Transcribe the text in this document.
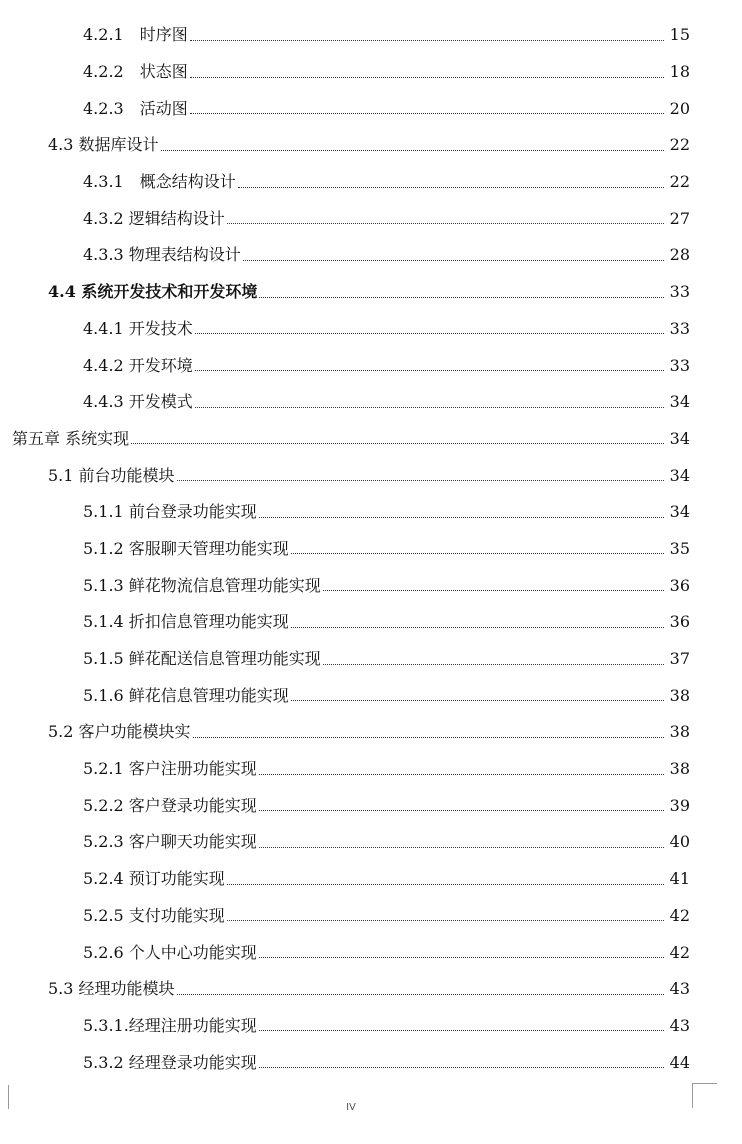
4.2.1　时序图	15
4.2.2　状态图	18
4.2.3　活动图	20
4.3 数据库设计	22
4.3.1　概念结构设计	22
4.3.2 逻辑结构设计	27
4.3.3 物理表结构设计	28
4.4 系统开发技术和开发环境	33
4.4.1 开发技术	33
4.4.2 开发环境	33
4.4.3 开发模式	34
第五章 系统实现	34
5.1 前台功能模块	34
5.1.1 前台登录功能实现	34
5.1.2 客服聊天管理功能实现	35
5.1.3 鲜花物流信息管理功能实现	36
5.1.4 折扣信息管理功能实现	36
5.1.5 鲜花配送信息管理功能实现	37
5.1.6 鲜花信息管理功能实现	38
5.2 客户功能模块实	38
5.2.1 客户注册功能实现	38
5.2.2 客户登录功能实现	39
5.2.3 客户聊天功能实现	40
5.2.4 预订功能实现	41
5.2.5 支付功能实现	42
5.2.6 个人中心功能实现	42
5.3 经理功能模块	43
5.3.1.经理注册功能实现	43
5.3.2 经理登录功能实现	44
IV
